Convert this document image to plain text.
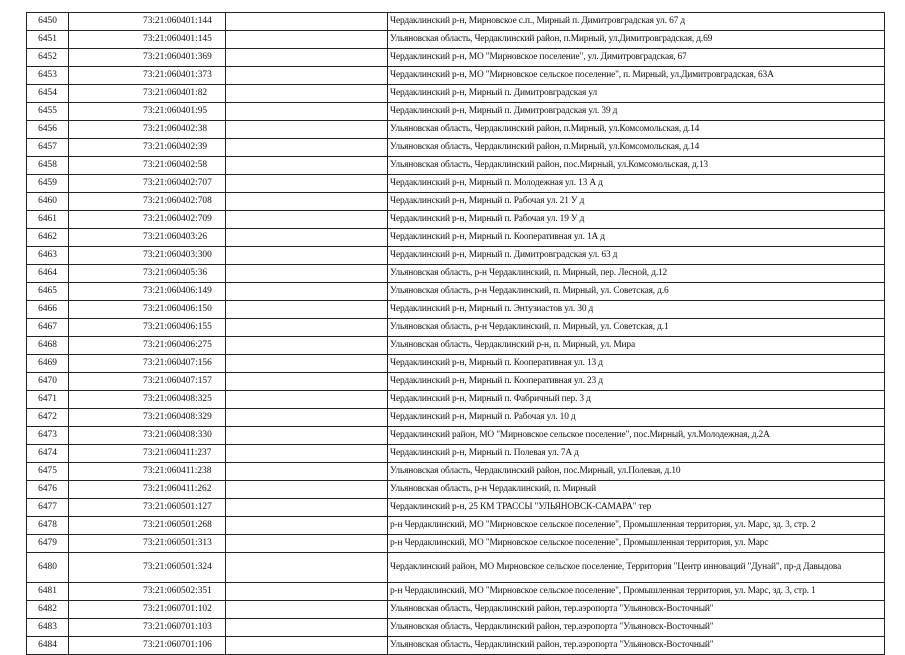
6450	73:21:060401:144		Чердаклинский р-н, Мирновское с.п., Мирный п. Димитровградская ул. 67 д
6451	73:21:060401:145		Ульяновская область, Чердаклинский район, п.Мирный, ул.Димитровградская, д.69
6452	73:21:060401:369		Чердаклинский р-н, МО "Мирновское поселение", ул. Димитровградская, 67
6453	73:21:060401:373		Чердаклинский р-н, МО "Мирновское сельское поселение", п. Мирный, ул.Димитровградская, 63А
6454	73:21:060401:82		Чердаклинский р-н, Мирный п. Димитровградская ул
6455	73:21:060401:95		Чердаклинский р-н, Мирный п. Димитровградская ул. 39 д
6456	73:21:060402:38		Ульяновская область, Чердаклинский район, п.Мирный, ул.Комсомольская, д.14
6457	73:21:060402:39		Ульяновская область, Чердаклинский район, п.Мирный, ул.Комсомольская, д.14
6458	73:21:060402:58		Ульяновская область, Чердаклинский район, пос.Мирный, ул.Комсомольская, д.13
6459	73:21:060402:707		Чердаклинский р-н, Мирный п. Молодежная ул. 13 А д
6460	73:21:060402:708		Чердаклинский р-н, Мирный п. Рабочая ул. 21 У д
6461	73:21:060402:709		Чердаклинский р-н, Мирный п. Рабочая ул. 19 У д
6462	73:21:060403:26		Чердаклинский р-н, Мирный п. Кооперативная ул. 1А д
6463	73:21:060403:300		Чердаклинский р-н, Мирный п. Димитровградская ул. 63 д
6464	73:21:060405:36		Ульяновская область, р-н Чердаклинский, п. Мирный, пер. Лесной, д.12
6465	73:21:060406:149		Ульяновская область, р-н Чердаклинский, п. Мирный, ул. Советская, д.6
6466	73:21:060406:150		Чердаклинский р-н, Мирный п. Энтузиастов ул. 30 д
6467	73:21:060406:155		Ульяновская область, р-н Чердаклинский, п. Мирный, ул. Советская, д.1
6468	73:21:060406:275		Ульяновская область, Чердаклинский р-н, п. Мирный, ул. Мира
6469	73:21:060407:156		Чердаклинский р-н, Мирный п. Кооперативная ул. 13 д
6470	73:21:060407:157		Чердаклинский р-н, Мирный п. Кооперативная ул. 23 д
6471	73:21:060408:325		Чердаклинский р-н, Мирный п. Фабричный пер. 3 д
6472	73:21:060408:329		Чердаклинский р-н, Мирный п. Рабочая ул. 10 д
6473	73:21:060408:330		Чердаклинский район, МО "Мирновское сельское поселение", пос.Мирный, ул.Молодежная, д.2А
6474	73:21:060411:237		Чердаклинский р-н, Мирный п. Полевая ул. 7А д
6475	73:21:060411:238		Ульяновская область, Чердаклинский район, пос.Мирный, ул.Полевая, д.10
6476	73:21:060411:262		Ульяновская область, р-н Чердаклинский, п. Мирный
6477	73:21:060501:127		Чердаклинский р-н, 25 КМ ТРАССЫ "УЛЬЯНОВСК-САМАРА" тер
6478	73:21:060501:268		р-н Чердаклинский, МО "Мирновское сельское поселение", Промышленная территория, ул. Марс, зд. 3, стр. 2
6479	73:21:060501:313		р-н Чердаклинский, МО "Мирновское сельское поселение", Промышленная территория, ул. Марс
6480	73:21:060501:324		Чердаклинский район, МО Мирновское сельское поселение, Территория "Центр инноваций "Дунай", пр-д Давыдова
6481	73:21:060502:351		р-н Чердаклинский, МО "Мирновское сельское поселение", Промышленная территория, ул. Марс, зд. 3, стр. 1
6482	73:21:060701:102		Ульяновская область, Чердаклинский район, тер.аэропорта "Ульяновск-Восточный"
6483	73:21:060701:103		Ульяновская область, Чердаклинский район, тер.аэропорта "Ульяновск-Восточный"
6484	73:21:060701:106		Ульяновская область, Чердаклинский район, тер.аэропорта "Ульяновск-Восточный"
